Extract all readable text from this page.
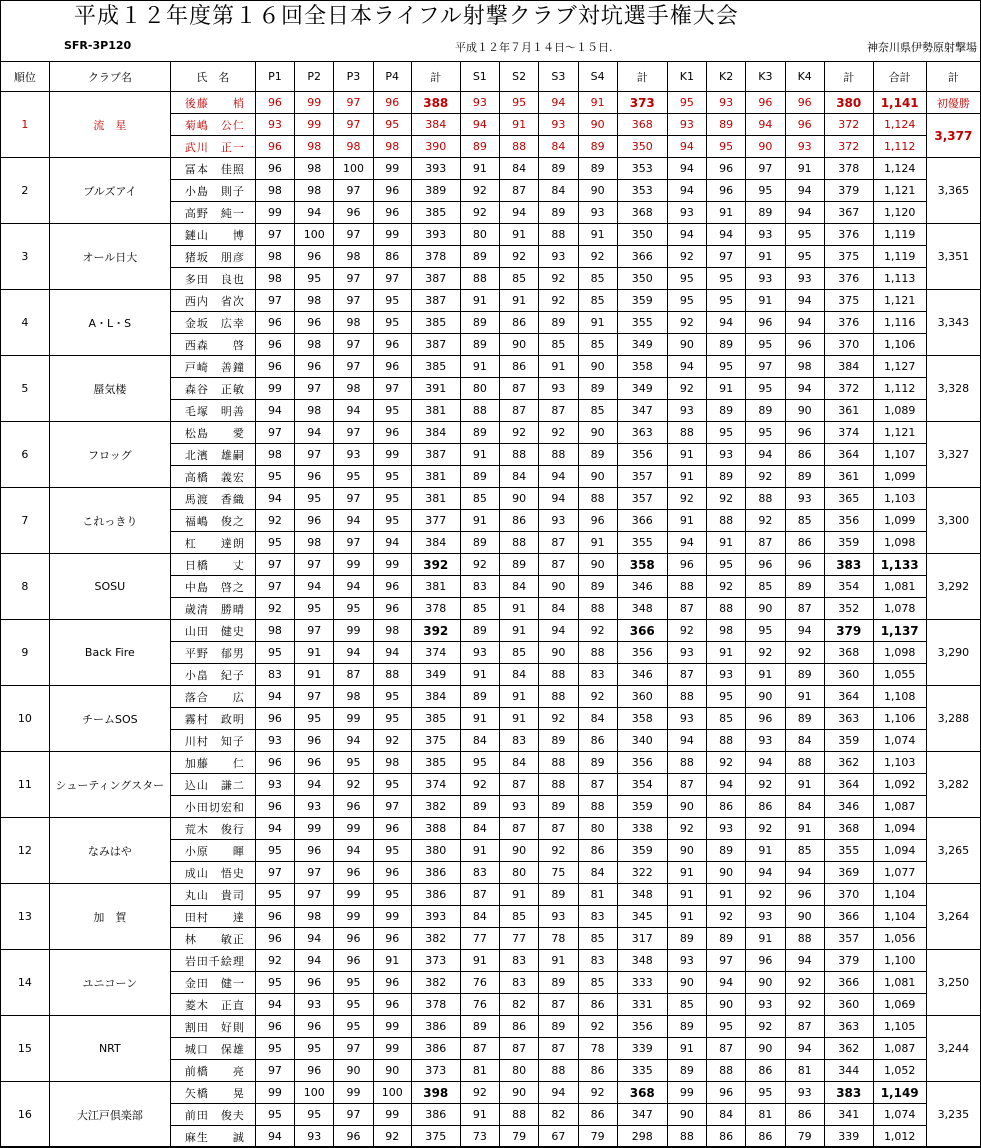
平成１２年度第１６回全日本ライフル射撃クラブ対坑選手権大会
SFR-3P120	平成１２年７月１４日～１５日.	神奈川県伊勢原射撃場
順位	クラブ名	氏　名	P1	P2	P3	P4	計	S1	S2	S3	S4	計	K1	K2	K3	K4	計	合計	計
1	流　星	後藤　　梢	96	99	97	96	388	93	95	94	91	373	95	93	96	96	380	1,141	初優勝
		菊嶋　公仁	93	99	97	95	384	94	91	93	90	368	93	89	94	96	372	1,124	3,377
		武川　正一	96	98	98	98	390	89	88	84	89	350	94	95	90	93	372	1,112	
2	ブルズアイ	冨本　佳照	96	98	100	99	393	91	84	89	89	353	94	96	97	91	378	1,124	3,365
		小島　則子	98	98	97	96	389	92	87	84	90	353	94	96	95	94	379	1,121	
		高野　純一	99	94	96	96	385	92	94	89	93	368	93	91	89	94	367	1,120	
3	オール日大	鏈山　　博	97	100	97	99	393	80	91	88	91	350	94	94	93	95	376	1,119	3,351
		猪坂　朋彦	98	96	98	86	378	89	92	93	92	366	92	97	91	95	375	1,119	
		多田　良也	98	95	97	97	387	88	85	92	85	350	95	95	93	93	376	1,113	
4	A・L・S	西内　省次	97	98	97	95	387	91	91	92	85	359	95	95	91	94	375	1,121	3,343
		金坂　広幸	96	96	98	95	385	89	86	89	91	355	92	94	96	94	376	1,116	
		西森　　啓	96	98	97	96	387	89	90	85	85	349	90	89	95	96	370	1,106	
5	蜃気楼	戸崎　善鐘	96	96	97	96	385	91	86	91	90	358	94	95	97	98	384	1,127	3,328
		森谷　正敏	99	97	98	97	391	80	87	93	89	349	92	91	95	94	372	1,112	
		毛塚　明善	94	98	94	95	381	88	87	87	85	347	93	89	89	90	361	1,089	
6	フロッグ	松島　　愛	97	94	97	96	384	89	92	92	90	363	88	95	95	96	374	1,121	3,327
		北濱　雄嗣	98	97	93	99	387	91	88	88	89	356	91	93	94	86	364	1,107	
		高橋　義宏	95	96	95	95	381	89	84	94	90	357	91	89	92	89	361	1,099	
7	これっきり	馬渡　香織	94	95	97	95	381	85	90	94	88	357	92	92	88	93	365	1,103	3,300
		福嶋　俊之	92	96	94	95	377	91	86	93	96	366	91	88	92	85	356	1,099	
		杠　　達朗	95	98	97	94	384	89	88	87	91	355	94	91	87	86	359	1,098	
8	SOSU	日橋　　丈	97	97	99	99	392	92	89	87	90	358	96	95	96	96	383	1,133	3,292
		中島　啓之	97	94	94	96	381	83	84	90	89	346	88	92	85	89	354	1,081	
		歳清　勝晴	92	95	95	96	378	85	91	84	88	348	87	88	90	87	352	1,078	
9	Back Fire	山田　健史	98	97	99	98	392	89	91	94	92	366	92	98	95	94	379	1,137	3,290
		平野　郁男	95	91	94	94	374	93	85	90	88	356	93	91	92	92	368	1,098	
		小畠　紀子	83	91	87	88	349	91	84	88	83	346	87	93	91	89	360	1,055	
10	チームSOS	落合　　広	94	97	98	95	384	89	91	88	92	360	88	95	90	91	364	1,108	3,288
		霧村　政明	96	95	99	95	385	91	91	92	84	358	93	85	96	89	363	1,106	
		川村　知子	93	96	94	92	375	84	83	89	86	340	94	88	93	84	359	1,074	
11	シューティングスター	加藤　　仁	96	96	95	98	385	95	84	88	89	356	88	92	94	88	362	1,103	3,282
		込山　謙二	93	94	92	95	374	92	87	88	87	354	87	94	92	91	364	1,092	
		小田切宏和	96	93	96	97	382	89	93	89	88	359	90	86	86	84	346	1,087	
12	なみはや	荒木　俊行	94	99	99	96	388	84	87	87	80	338	92	93	92	91	368	1,094	3,265
		小原　　暉	95	96	94	95	380	91	90	92	86	359	90	89	91	85	355	1,094	
		成山　悟史	97	97	96	96	386	83	80	75	84	322	91	90	94	94	369	1,077	
13	加　賀	丸山　貴司	95	97	99	95	386	87	91	89	81	348	91	91	92	96	370	1,104	3,264
		田村　　達	96	98	99	99	393	84	85	93	83	345	91	92	93	90	366	1,104	
		林　　敏正	96	94	96	96	382	77	77	78	85	317	89	89	91	88	357	1,056	
14	ユニコーン	岩田千絵理	92	94	96	91	373	91	83	91	83	348	93	97	96	94	379	1,100	3,250
		金田　健一	95	96	95	96	382	76	83	89	85	333	90	94	90	92	366	1,081	
		菱木　正直	94	93	95	96	378	76	82	87	86	331	85	90	93	92	360	1,069	
15	NRT	割田　好則	96	96	95	99	386	89	86	89	92	356	89	95	92	87	363	1,105	3,244
		城口　保雄	95	95	97	99	386	87	87	87	78	339	91	87	90	94	362	1,087	
		前橋　　亮	97	96	90	90	373	81	80	88	86	335	89	88	86	81	344	1,052	
16	大江戸倶楽部	矢橋　　晃	99	100	99	100	398	92	90	94	92	368	99	96	95	93	383	1,149	3,235
		前田　俊夫	95	95	97	99	386	91	88	82	86	347	90	84	81	86	341	1,074	
		麻生　　誠	94	93	96	92	375	73	79	67	79	298	88	86	86	79	339	1,012	
